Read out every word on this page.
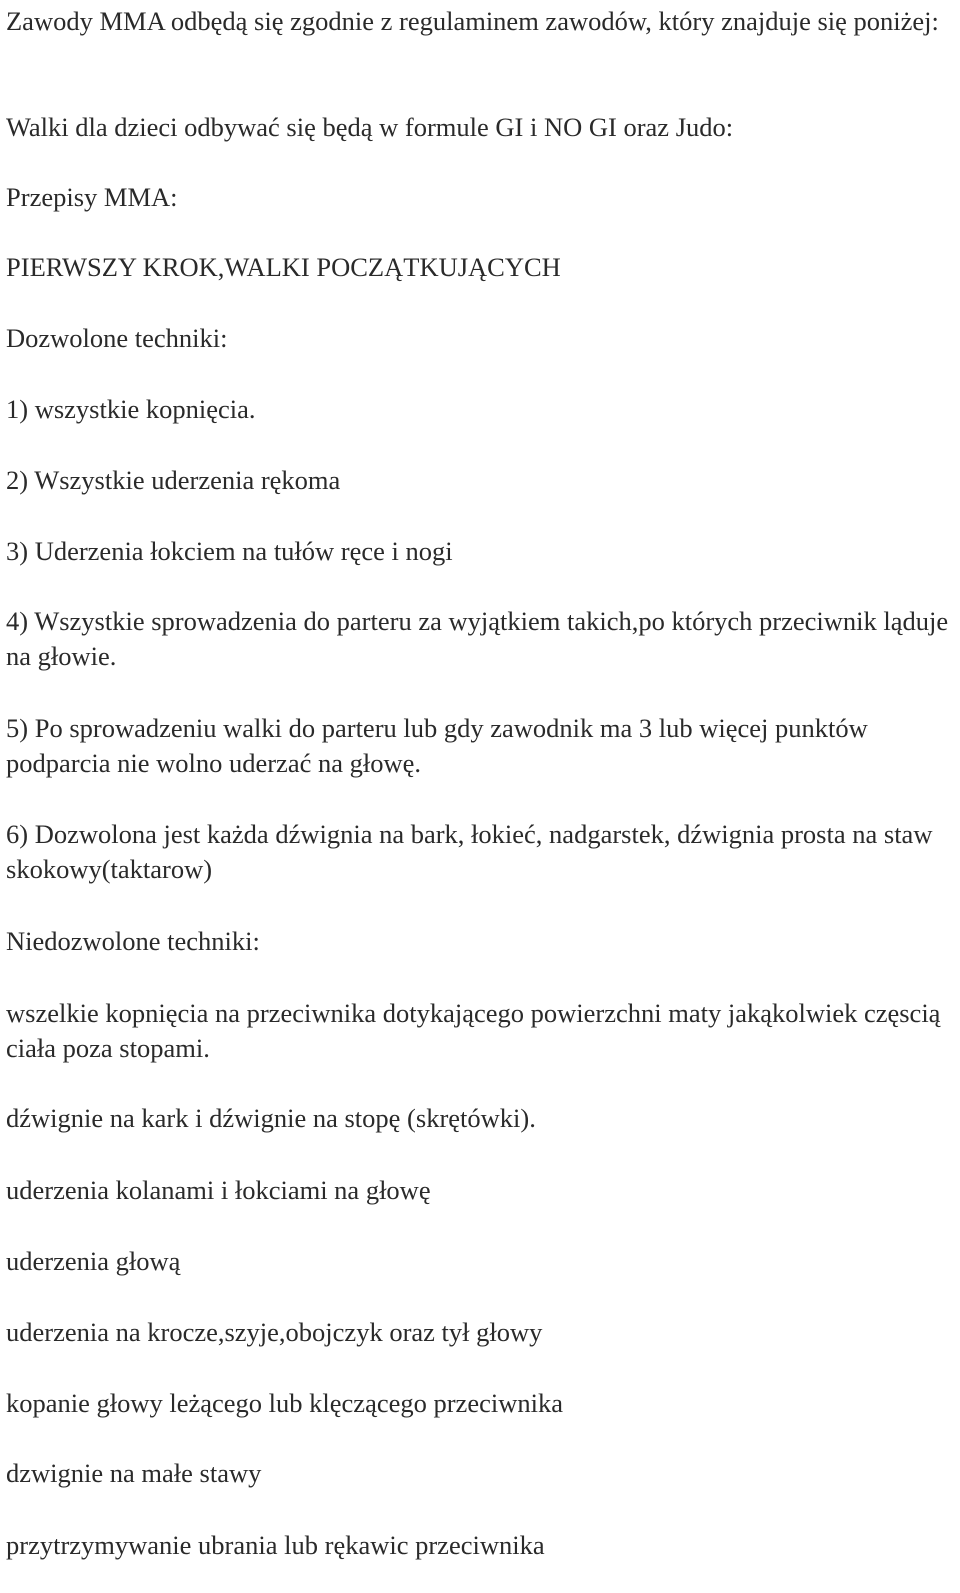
Zawody MMA odbędą się zgodnie z regulaminem zawodów, który znajduje się poniżej:

Walki dla dzieci odbywać się będą w formule GI i NO GI oraz Judo:

Przepisy MMA:

PIERWSZY KROK,WALKI POCZĄTKUJĄCYCH

Dozwolone techniki:

1) wszystkie kopnięcia.

2) Wszystkie uderzenia rękoma

3) Uderzenia łokciem na tułów ręce i nogi

4) Wszystkie sprowadzenia do parteru za wyjątkiem takich,po których przeciwnik ląduje na głowie.

5) Po sprowadzeniu walki do parteru lub gdy zawodnik ma 3 lub więcej punktów podparcia nie wolno uderzać na głowę.

6) Dozwolona jest każda dźwignia na bark, łokieć, nadgarstek, dźwignia prosta na staw skokowy(taktarow)

Niedozwolone techniki:

wszelkie kopnięcia na przeciwnika dotykającego powierzchni maty jakąkolwiek częscią ciała poza stopami.

dźwignie na kark i dźwignie na stopę (skrętówki).

uderzenia kolanami i łokciami na głowę

uderzenia głową

uderzenia na krocze,szyje,obojczyk oraz tył głowy

kopanie głowy leżącego lub klęczącego przeciwnika

dzwignie na małe stawy

przytrzymywanie ubrania lub rękawic przeciwnika
